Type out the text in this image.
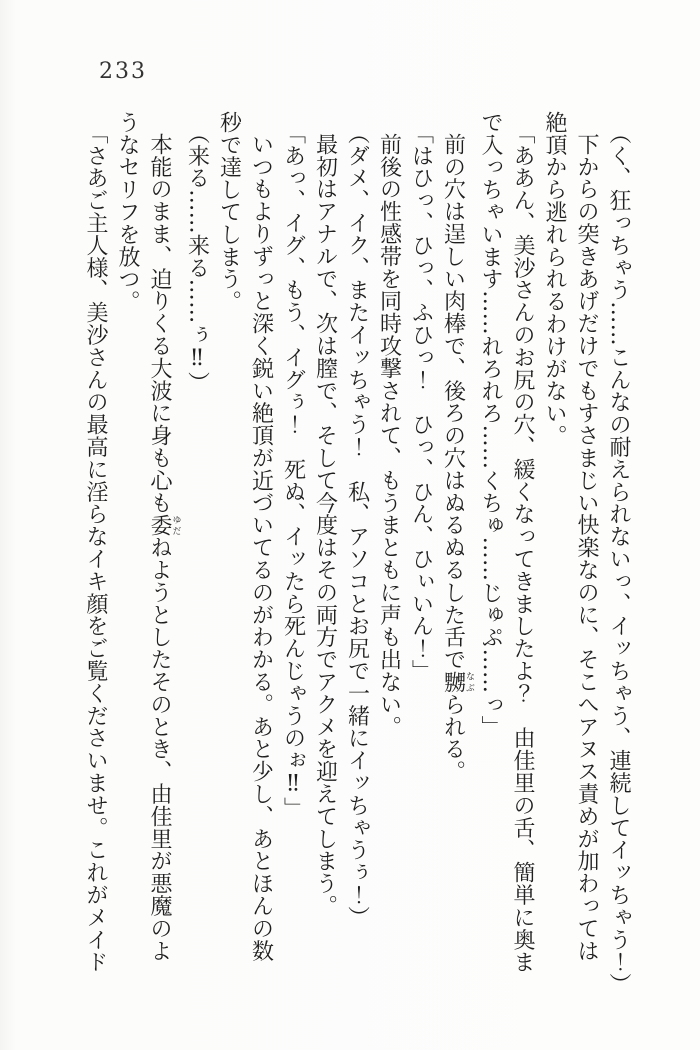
233

（く、狂っちゃう……こんなの耐えられないっ、イッちゃう、連続してイッちゃう！）

下からの突きあげだけでもすさまじい快楽なのに、そこへアヌス責めが加わっては

絶頂から逃れられるわけがない。

「ああん、美沙さんのお尻の穴、緩くなってきましたよ？　由佳里の舌、簡単に奥ま

で入っちゃいます……れろれろ……くちゅ……じゅぷ……っ」

前の穴は逞しい肉棒で、後ろの穴はぬるぬるした舌で嬲なぶられる。

「はひっ、ひっ、ふひっ！　ひっ、ひん、ひぃいん！」

前後の性感帯を同時攻撃されて、もうまともに声も出ない。

（ダメ、イク、またイッちゃう！　私、アソコとお尻で一緒にイッちゃうぅ！）

最初はアナルで、次は膣で、そして今度はその両方でアクメを迎えてしまう。

「あっ、イグ、もう、イグぅ！　死ぬ、イッたら死んじゃうのぉ‼」

いつもよりずっと深く鋭い絶頂が近づいてるのがわかる。あと少し、あとほんの数

秒で達してしまう。

（来る……来る……ぅ‼）

本能のまま、迫りくる大波に身も心も委ゆだねようとしたそのとき、由佳里が悪魔のよ

うなセリフを放つ。

「さあご主人様、美沙さんの最高に淫らなイキ顔をご覧くださいませ。これがメイド
